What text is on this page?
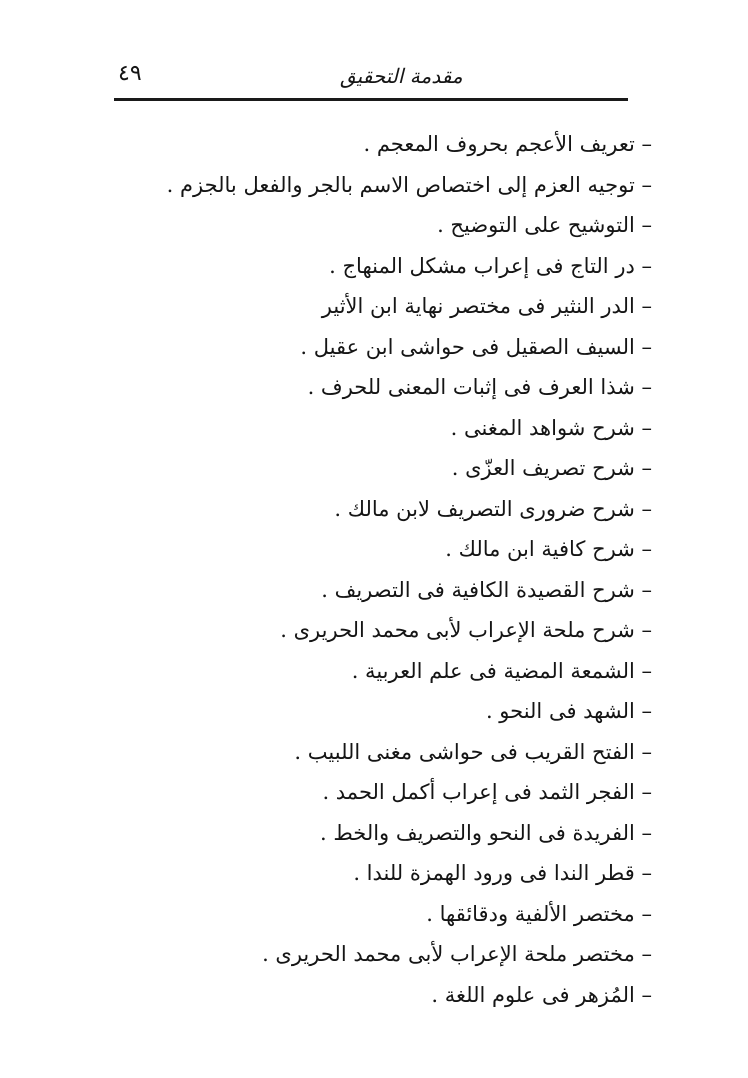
٤٩	مقدمة التحقيق
– تعريف الأعجم بحروف المعجم .
– توجيه العزم إلى اختصاص الاسم بالجر والفعل بالجزم .
– التوشيح على التوضيح .
– در التاج فى إعراب مشكل المنهاج .
– الدر النثير فى مختصر نهاية ابن الأثير
– السيف الصقيل فى حواشى ابن عقيل .
– شذا العرف فى إثبات المعنى للحرف .
– شرح شواهد المغنى .
– شرح تصريف العزّى .
– شرح ضرورى التصريف لابن مالك .
– شرح كافية ابن مالك .
– شرح القصيدة الكافية فى التصريف .
– شرح ملحة الإعراب لأبى محمد الحريرى .
– الشمعة المضية فى علم العربية .
– الشهد فى النحو .
– الفتح القريب فى حواشى مغنى اللبيب .
– الفجر الثمد فى إعراب أكمل الحمد .
– الفريدة فى النحو والتصريف والخط .
– قطر الندا فى ورود الهمزة للندا .
– مختصر الألفية ودقائقها .
– مختصر ملحة الإعراب لأبى محمد الحريرى .
– المُزهر فى علوم اللغة .
